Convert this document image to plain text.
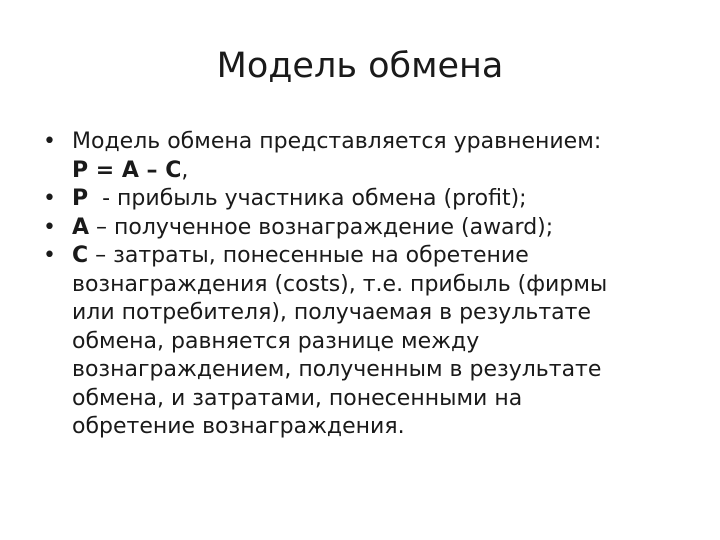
Модель обмена
• Модель обмена представляется уравнением:
P = A – C,
• P  - прибыль участника обмена (profit);
• A – полученное вознаграждение (award);
• C – затраты, понесенные на обретение
вознаграждения (costs), т.е. прибыль (фирмы
или потребителя), получаемая в результате
обмена, равняется разнице между
вознаграждением, полученным в результате
обмена, и затратами, понесенными на
обретение вознаграждения.
